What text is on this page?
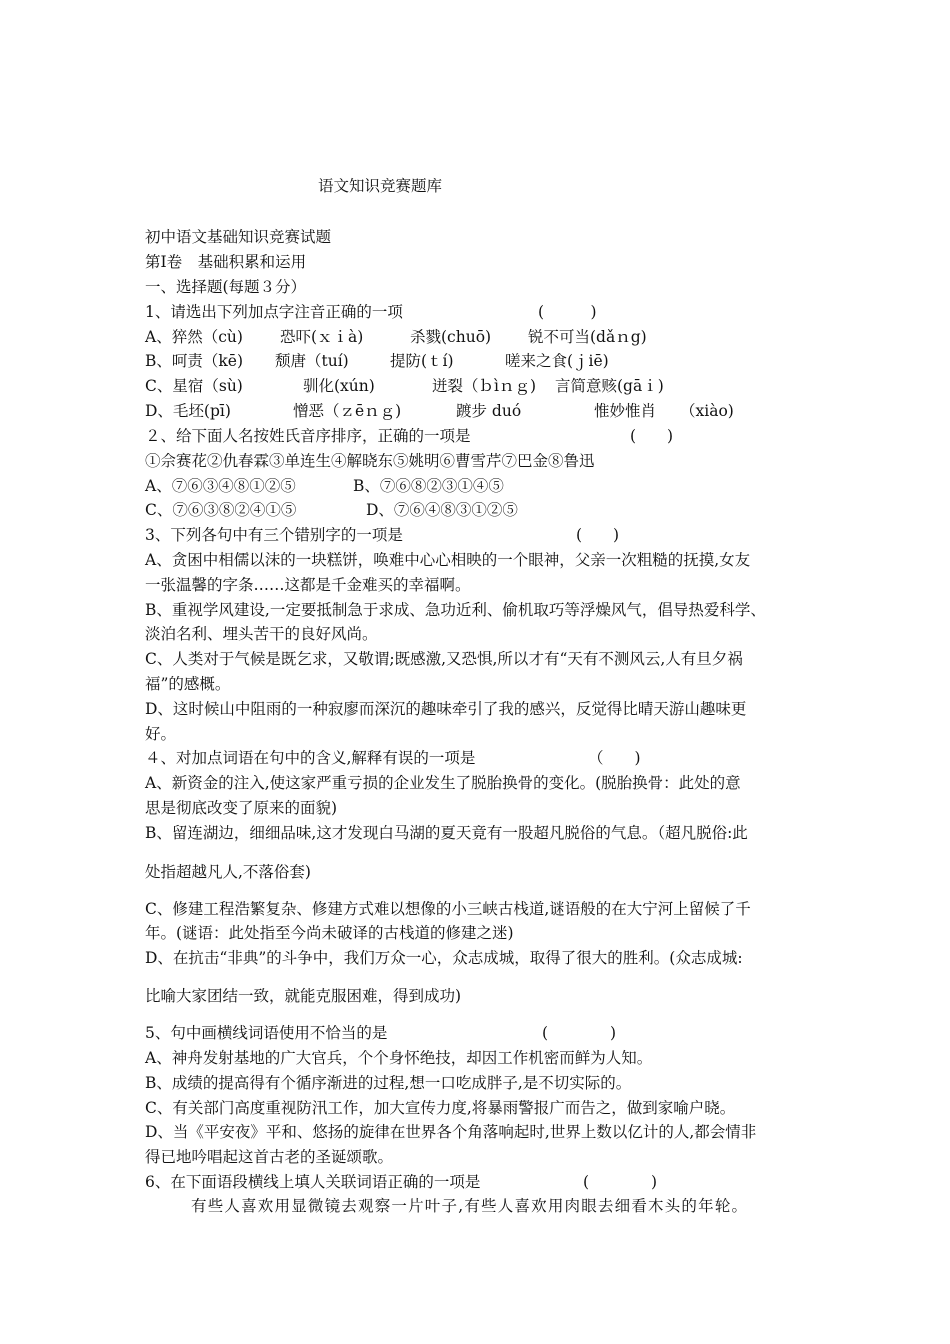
语文知识竞赛题库
初中语文基础知识竞赛试题
第Ⅰ卷　基础积累和运用
一、选择题(每题３分）
1、请选出下列加点字注音正确的一项	(　　　)
A、猝然（cù) 恐吓(ｘｉà)	杀戮(chuō) 锐不可当(dǎｎg)
B、呵责（kē) 颓唐（tuí)	提防(ｔí)	嗟来之食(ｊiē)
C、星宿（sù)	驯化(xún)	迸裂（ｂìｎｇ) 言简意赅(gāｉ)
D、毛坯(pī)	憎恶（ｚēｎｇ)	踱步 duó	惟妙惟肖 （xiào)
２、给下面人名按姓氏音序排序，正确的一项是	(　　)
①佘赛花②仇春霖③单连生④解晓东⑤姚明⑥曹雪芹⑦巴金⑧鲁迅
A、⑦⑥③④⑧①②⑤	B、⑦⑥⑧②③①④⑤
C、⑦⑥③⑧②④①⑤	D、⑦⑥④⑧③①②⑤
3、下列各句中有三个错别字的一项是	(　　)
A、贪困中相儒以沫的一块糕饼，唤难中心心相映的一个眼神，父亲一次粗糙的抚摸,女友
一张温馨的字条……这都是千金难买的幸福啊。
B、重视学风建设,一定要抵制急于求成、急功近利、偷机取巧等浮燥风气，倡导热爱科学、
淡泊名利、埋头苦干的良好风尚。
C、人类对于气候是既乞求，又敬谓;既感激,又恐惧,所以才有“天有不测风云,人有旦夕祸
福”的感概。
D、这时候山中阻雨的一种寂廖而深沉的趣味牵引了我的感兴，反觉得比晴天游山趣味更
好。
４、对加点词语在句中的含义,解释有误的一项是	（　　)
A、新资金的注入,使这家严重亏损的企业发生了脱胎换骨的变化。(脱胎换骨：此处的意
思是彻底改变了原来的面貌)
B、留连湖边，细细品味,这才发现白马湖的夏天竟有一股超凡脱俗的气息。（超凡脱俗:此
处指超越凡人,不落俗套)
C、修建工程浩繁复杂、修建方式难以想像的小三峡古栈道,谜语般的在大宁河上留候了千
年。(谜语：此处指至今尚未破译的古栈道的修建之迷)
D、在抗击“非典”的斗争中，我们万众一心，众志成城，取得了很大的胜利。(众志成城:
比喻大家团结一致，就能克服困难，得到成功)
5、句中画横线词语使用不恰当的是	(　　　　)
A、神舟发射基地的广大官兵，个个身怀绝技，却因工作机密而鲜为人知。
B、成绩的提高得有个循序渐进的过程,想一口吃成胖子,是不切实际的。
C、有关部门高度重视防汛工作，加大宣传力度,将暴雨警报广而告之，做到家喻户晓。
D、当《平安夜》平和、悠扬的旋律在世界各个角落响起时,世界上数以亿计的人,都会情非
得已地吟唱起这首古老的圣诞颂歌。
6、在下面语段横线上填人关联词语正确的一项是	(　　　　)
有些人喜欢用显微镜去观察一片叶子,有些人喜欢用肉眼去细看木头的年轮。
